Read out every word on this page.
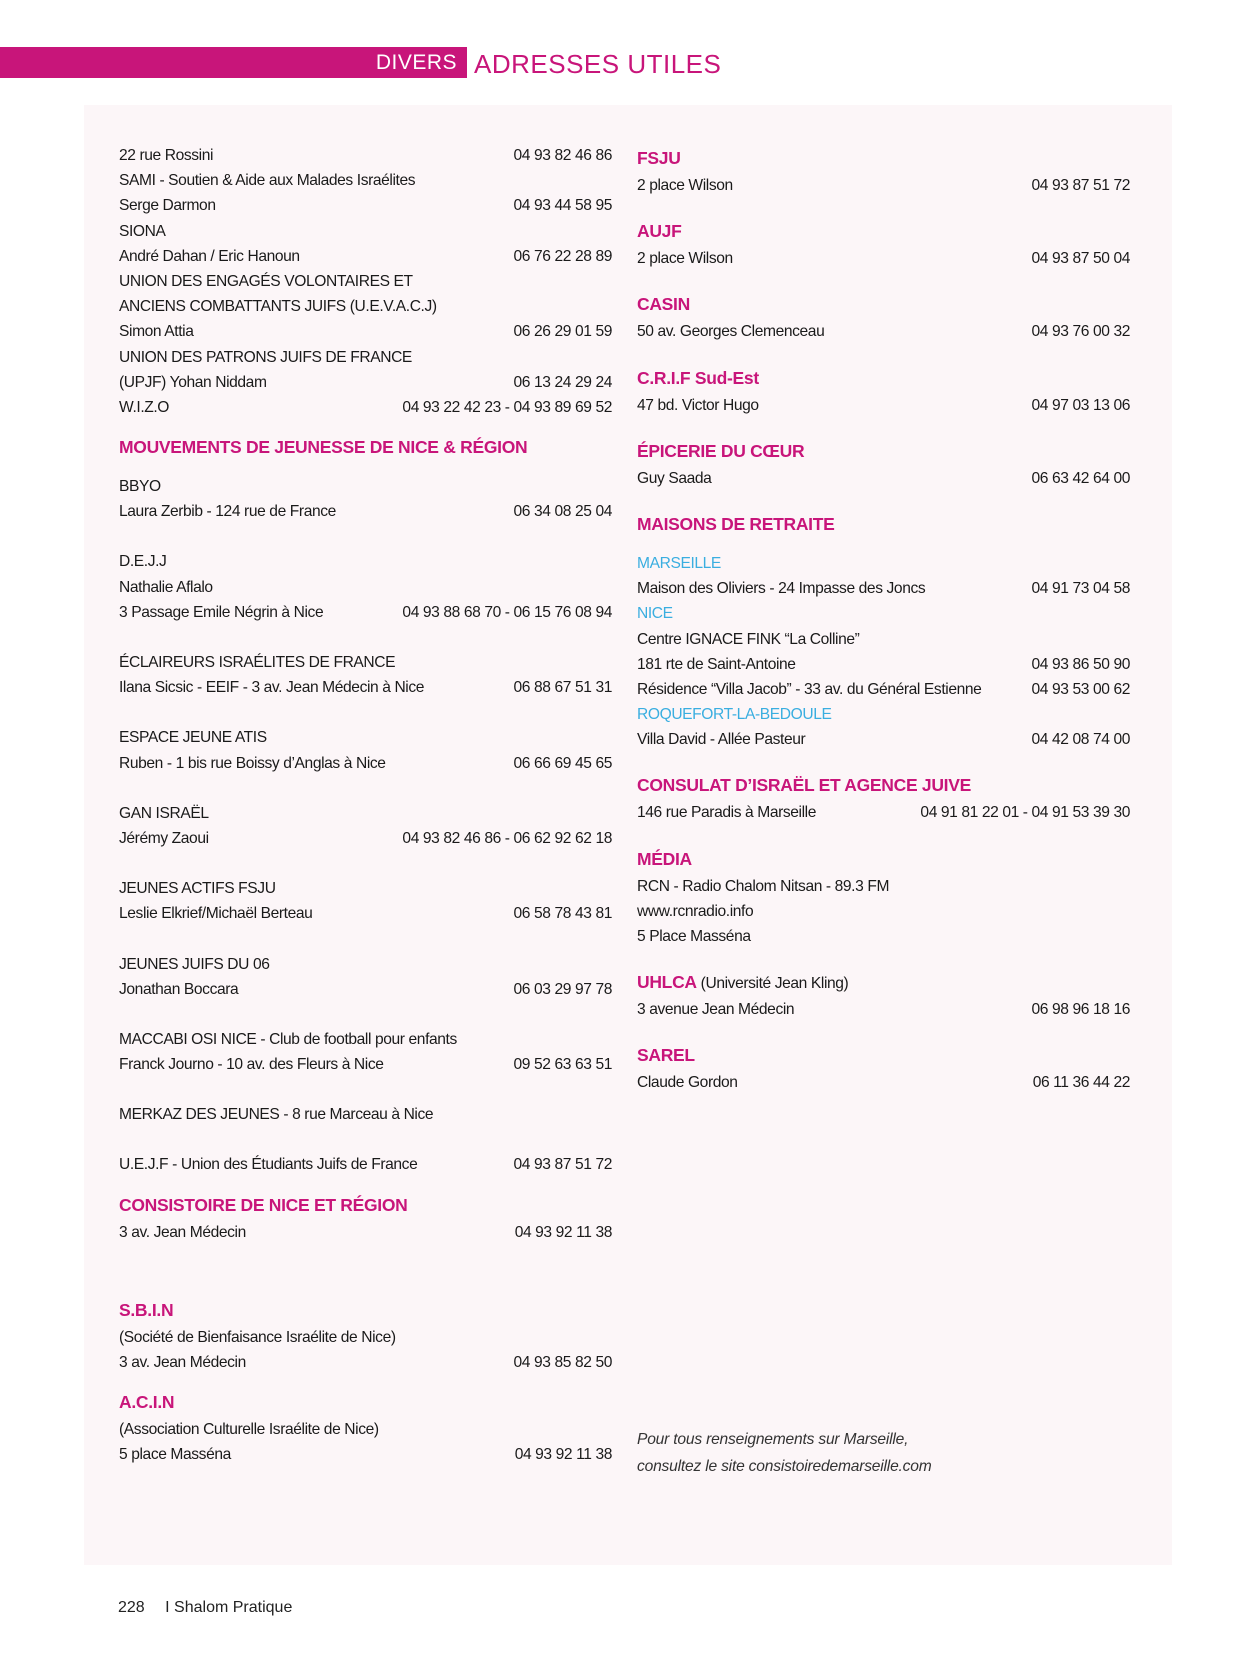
DIVERS ADRESSES UTILES
22 rue Rossini	04 93 82 46 86
SAMI - Soutien & Aide aux Malades Israélites
Serge Darmon	04 93 44 58 95
SIONA
André Dahan / Eric Hanoun	06 76 22 28 89
UNION DES ENGAGÉS VOLONTAIRES ET
ANCIENS COMBATTANTS JUIFS (U.E.V.A.C.J)
Simon Attia	06 26 29 01 59
UNION DES PATRONS JUIFS DE FRANCE
(UPJF) Yohan Niddam	06 13 24 29 24
W.I.Z.O	04 93 22 42 23 - 04 93 89 69 52
MOUVEMENTS DE JEUNESSE DE NICE & RÉGION
BBYO
Laura Zerbib - 124 rue de France	06 34 08 25 04
D.E.J.J
Nathalie Aflalo
3 Passage Emile Négrin à Nice	04 93 88 68 70 - 06 15 76 08 94
ÉCLAIREURS ISRAÉLITES DE FRANCE
Ilana Sicsic - EEIF - 3 av. Jean Médecin à Nice	06 88 67 51 31
ESPACE JEUNE ATIS
Ruben - 1 bis rue Boissy d’Anglas à Nice	06 66 69 45 65
GAN ISRAËL
Jérémy Zaoui	04 93 82 46 86 - 06 62 92 62 18
JEUNES ACTIFS FSJU
Leslie Elkrief/Michaël Berteau	06 58 78 43 81
JEUNES JUIFS DU 06
Jonathan Boccara	06 03 29 97 78
MACCABI OSI NICE - Club de football pour enfants
Franck Journo - 10 av. des Fleurs à Nice	09 52 63 63 51
MERKAZ DES JEUNES - 8 rue Marceau à Nice
U.E.J.F - Union des Étudiants Juifs de France	04 93 87 51 72
CONSISTOIRE DE NICE ET RÉGION
3 av. Jean Médecin	04 93 92 11 38
S.B.I.N
(Société de Bienfaisance Israélite de Nice)
3 av. Jean Médecin	04 93 85 82 50
A.C.I.N
(Association Culturelle Israélite de Nice)
5 place Masséna	04 93 92 11 38
FSJU
2 place Wilson	04 93 87 51 72
AUJF
2 place Wilson	04 93 87 50 04
CASIN
50 av. Georges Clemenceau	04 93 76 00 32
C.R.I.F Sud-Est
47 bd. Victor Hugo	04 97 03 13 06
ÉPICERIE DU CŒUR
Guy Saada	06 63 42 64 00
MAISONS DE RETRAITE
MARSEILLE
Maison des Oliviers - 24 Impasse des Joncs	04 91 73 04 58
NICE
Centre IGNACE FINK “La Colline”
181 rte de Saint-Antoine	04 93 86 50 90
Résidence “Villa Jacob” - 33 av. du Général Estienne	04 93 53 00 62
ROQUEFORT-LA-BEDOULE
Villa David - Allée Pasteur	04 42 08 74 00
CONSULAT D’ISRAËL ET AGENCE JUIVE
146 rue Paradis à Marseille	04 91 81 22 01 - 04 91 53 39 30
MÉDIA
RCN - Radio Chalom Nitsan - 89.3 FM
www.rcnradio.info
5 Place Masséna
UHLCA (Université Jean Kling)
3 avenue Jean Médecin	06 98 96 18 16
SAREL
Claude Gordon	06 11 36 44 22
Pour tous renseignements sur Marseille,
consultez le site consistoiredemarseille.com
228 I Shalom Pratique
